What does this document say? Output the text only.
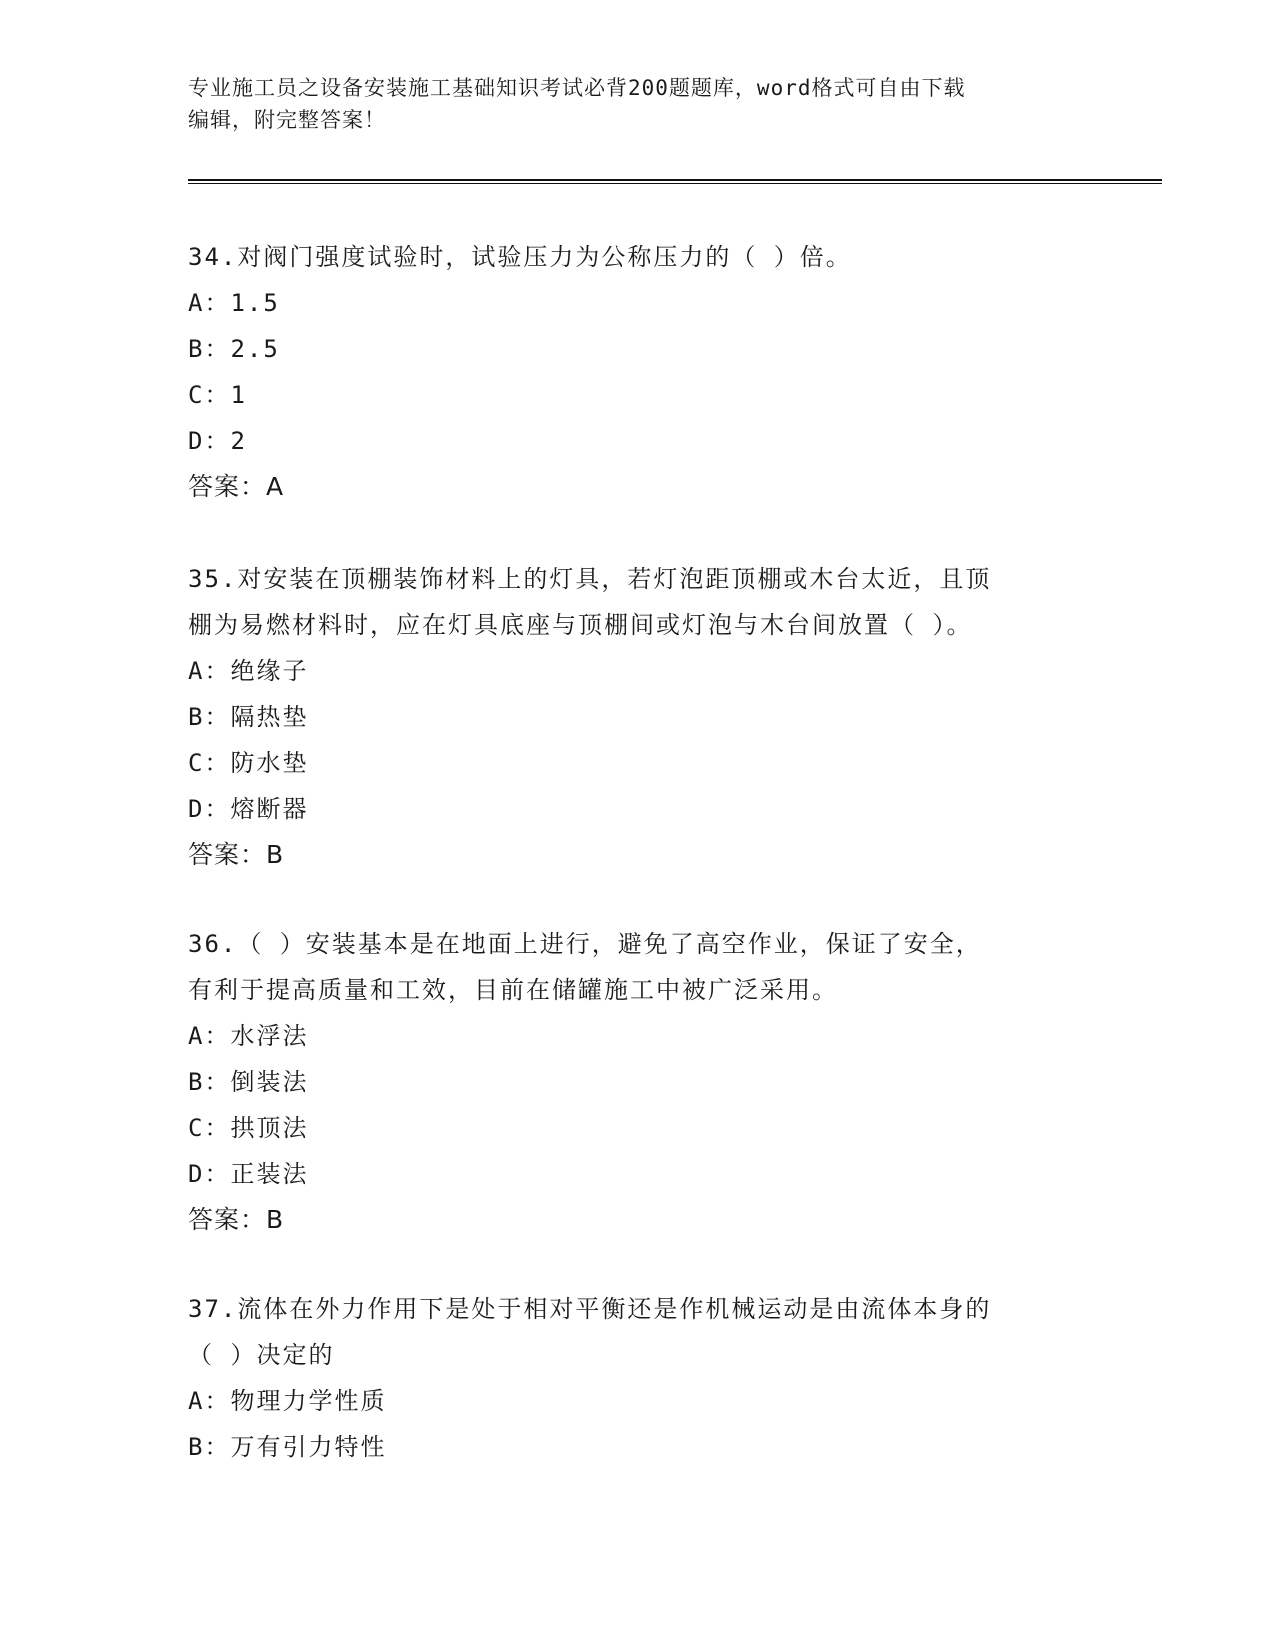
专业施工员之设备安装施工基础知识考试必背200题题库，word格式可自由下载
编辑，附完整答案！
34.对阀门强度试验时，试验压力为公称压力的（ ）倍。
A：1.5
B：2.5
C：1
D：2
答案：A
35.对安装在顶棚装饰材料上的灯具，若灯泡距顶棚或木台太近，且顶
棚为易燃材料时，应在灯具底座与顶棚间或灯泡与木台间放置（ ）。
A：绝缘子
B：隔热垫
C：防水垫
D：熔断器
答案：B
36.（ ）安装基本是在地面上进行，避免了高空作业，保证了安全，
有利于提高质量和工效，目前在储罐施工中被广泛采用。
A：水浮法
B：倒装法
C：拱顶法
D：正装法
答案：B
37.流体在外力作用下是处于相对平衡还是作机械运动是由流体本身的
（ ）决定的
A：物理力学性质
B：万有引力特性
